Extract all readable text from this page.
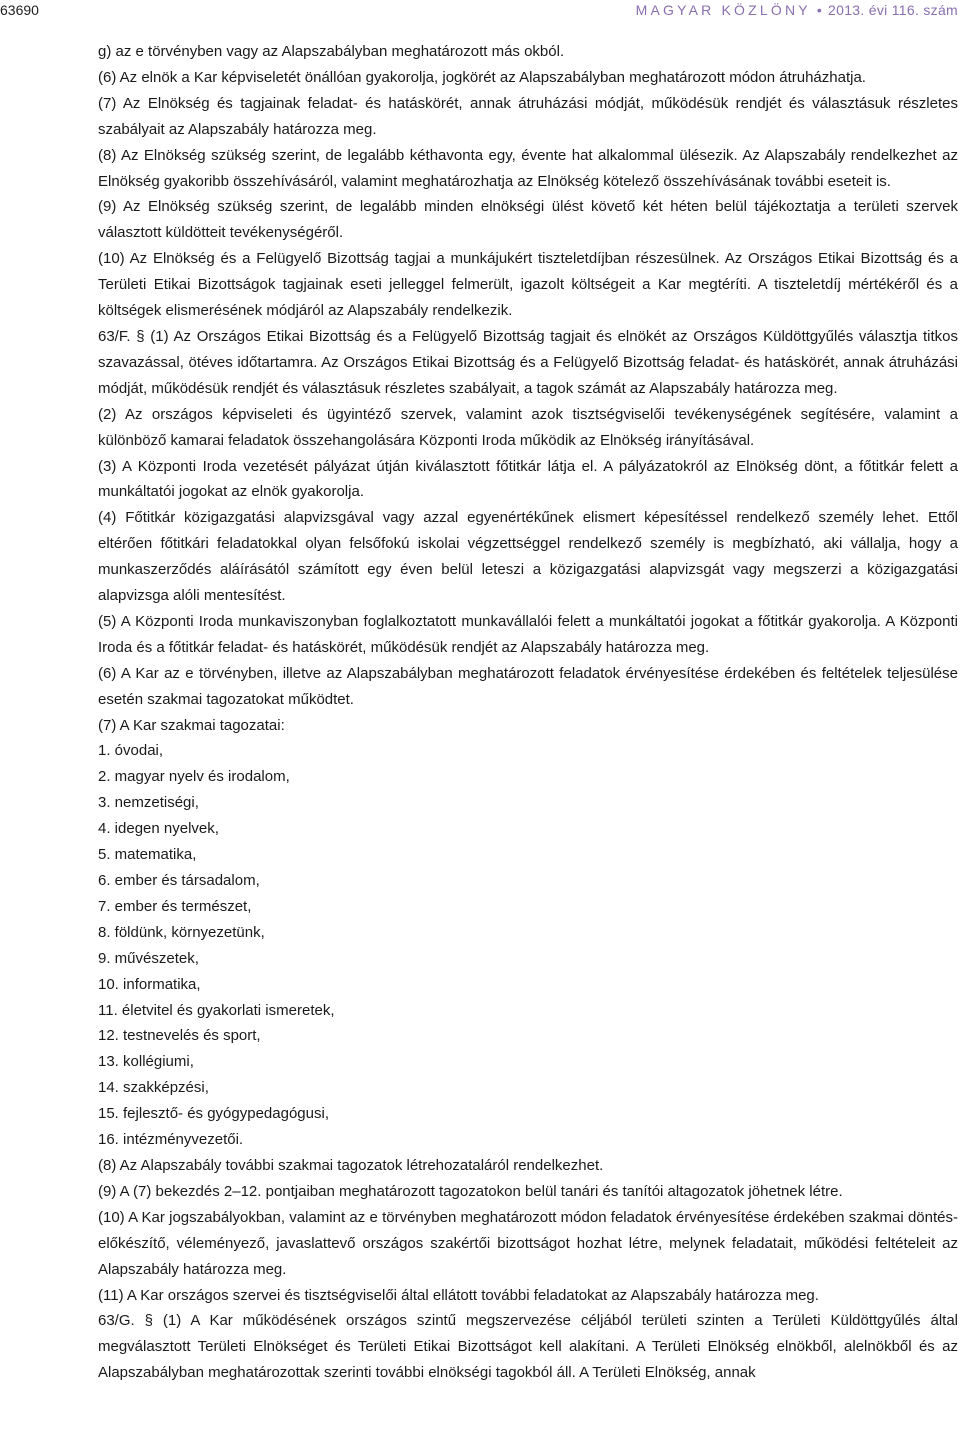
63690	MAGYAR KÖZLÖNY • 2013. évi 116. szám

g) az e törvényben vagy az Alapszabályban meghatározott más okból.

(6) Az elnök a Kar képviseletét önállóan gyakorolja, jogkörét az Alapszabályban meghatározott módon átruházhatja.

(7) Az Elnökség és tagjainak feladat- és hatáskörét, annak átruházási módját, működésük rendjét és választásuk részletes szabályait az Alapszabály határozza meg.

(8) Az Elnökség szükség szerint, de legalább kéthavonta egy, évente hat alkalommal ülésezik. Az Alapszabály rendelkezhet az Elnökség gyakoribb összehívásáról, valamint meghatározhatja az Elnökség kötelező összehívásának további eseteit is.

(9) Az Elnökség szükség szerint, de legalább minden elnökségi ülést követő két héten belül tájékoztatja a területi szervek választott küldötteit tevékenységéről.

(10) Az Elnökség és a Felügyelő Bizottság tagjai a munkájukért tiszteletdíjban részesülnek. Az Országos Etikai Bizottság és a Területi Etikai Bizottságok tagjainak eseti jelleggel felmerült, igazolt költségeit a Kar megtéríti. A tiszteletdíj mértékéről és a költségek elismerésének módjáról az Alapszabály rendelkezik.

63/F. § (1) Az Országos Etikai Bizottság és a Felügyelő Bizottság tagjait és elnökét az Országos Küldöttgyűlés választja titkos szavazással, ötéves időtartamra. Az Országos Etikai Bizottság és a Felügyelő Bizottság feladat- és hatáskörét, annak átruházási módját, működésük rendjét és választásuk részletes szabályait, a tagok számát az Alapszabály határozza meg.

(2) Az országos képviseleti és ügyintéző szervek, valamint azok tisztségviselői tevékenységének segítésére, valamint a különböző kamarai feladatok összehangolására Központi Iroda működik az Elnökség irányításával.

(3) A Központi Iroda vezetését pályázat útján kiválasztott főtitkár látja el. A pályázatokról az Elnökség dönt, a főtitkár felett a munkáltatói jogokat az elnök gyakorolja.

(4) Főtitkár közigazgatási alapvizsgával vagy azzal egyenértékűnek elismert képesítéssel rendelkező személy lehet. Ettől eltérően főtitkári feladatokkal olyan felsőfokú iskolai végzettséggel rendelkező személy is megbízható, aki vállalja, hogy a munkaszerződés aláírásától számított egy éven belül leteszi a közigazgatási alapvizsgát vagy megszerzi a közigazgatási alapvizsga alóli mentesítést.

(5) A Központi Iroda munkaviszonyban foglalkoztatott munkavállalói felett a munkáltatói jogokat a főtitkár gyakorolja. A Központi Iroda és a főtitkár feladat- és hatáskörét, működésük rendjét az Alapszabály határozza meg.

(6) A Kar az e törvényben, illetve az Alapszabályban meghatározott feladatok érvényesítése érdekében és feltételek teljesülése esetén szakmai tagozatokat működtet.

(7) A Kar szakmai tagozatai:

1. óvodai,

2. magyar nyelv és irodalom,

3. nemzetiségi,

4. idegen nyelvek,

5. matematika,

6. ember és társadalom,

7. ember és természet,

8. földünk, környezetünk,

9. művészetek,

10. informatika,

11. életvitel és gyakorlati ismeretek,

12. testnevelés és sport,

13. kollégiumi,

14. szakképzési,

15. fejlesztő- és gyógypedagógusi,

16. intézményvezetői.

(8) Az Alapszabály további szakmai tagozatok létrehozataláról rendelkezhet.

(9) A (7) bekezdés 2–12. pontjaiban meghatározott tagozatokon belül tanári és tanítói altagozatok jöhetnek létre.

(10) A Kar jogszabályokban, valamint az e törvényben meghatározott módon feladatok érvényesítése érdekében szakmai döntés-előkészítő, véleményező, javaslattevő országos szakértői bizottságot hozhat létre, melynek feladatait, működési feltételeit az Alapszabály határozza meg.

(11) A Kar országos szervei és tisztségviselői által ellátott további feladatokat az Alapszabály határozza meg.

63/G. § (1) A Kar működésének országos szintű megszervezése céljából területi szinten a Területi Küldöttgyűlés által megválasztott Területi Elnökséget és Területi Etikai Bizottságot kell alakítani. A Területi Elnökség elnökből, alelnökből és az Alapszabályban meghatározottak szerinti további elnökségi tagokból áll. A Területi Elnökség, annak
